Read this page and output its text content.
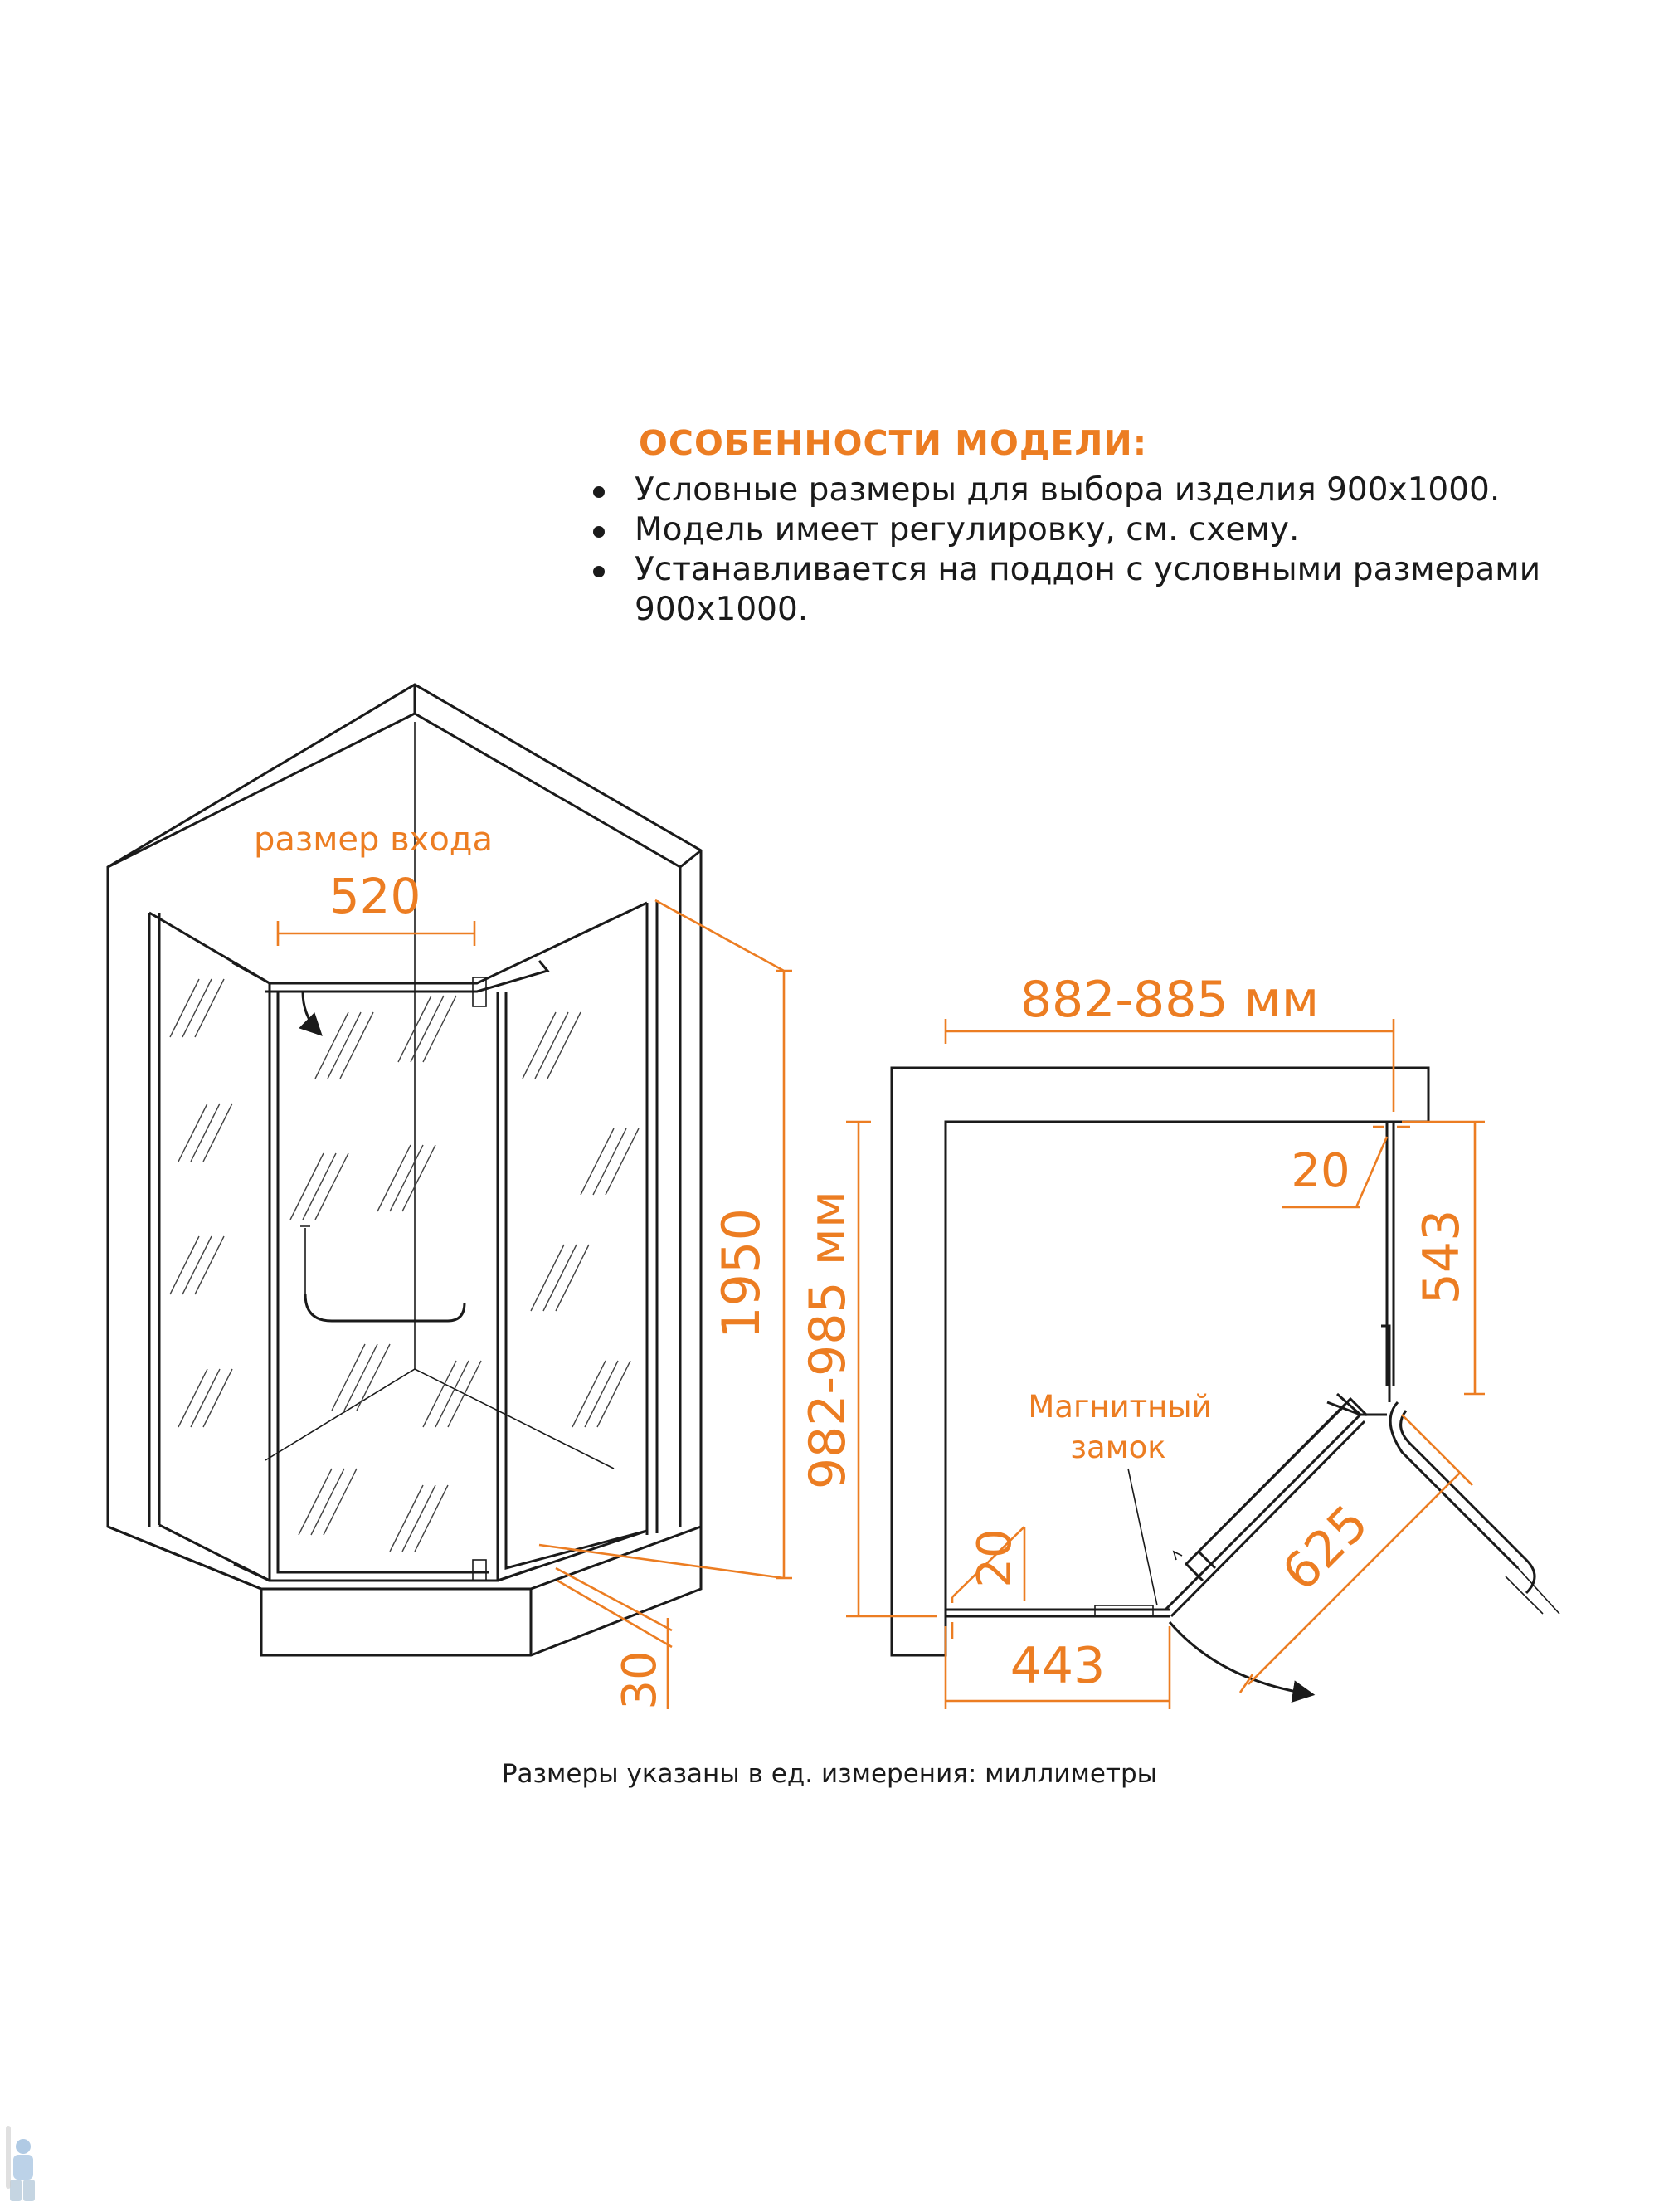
ОСОБЕННОСТИ МОДЕЛИ:
Условные размеры для выбора изделия 900x1000.
Модель имеет регулировку, см. схему.
Устанавливается на поддон с условными размерами 900x1000.
размер входа
520
1950
30
882-885 мм
982-985 мм
20
543
625
20
443
Магнитный
замок
Размеры указаны в ед. измерения: миллиметры
